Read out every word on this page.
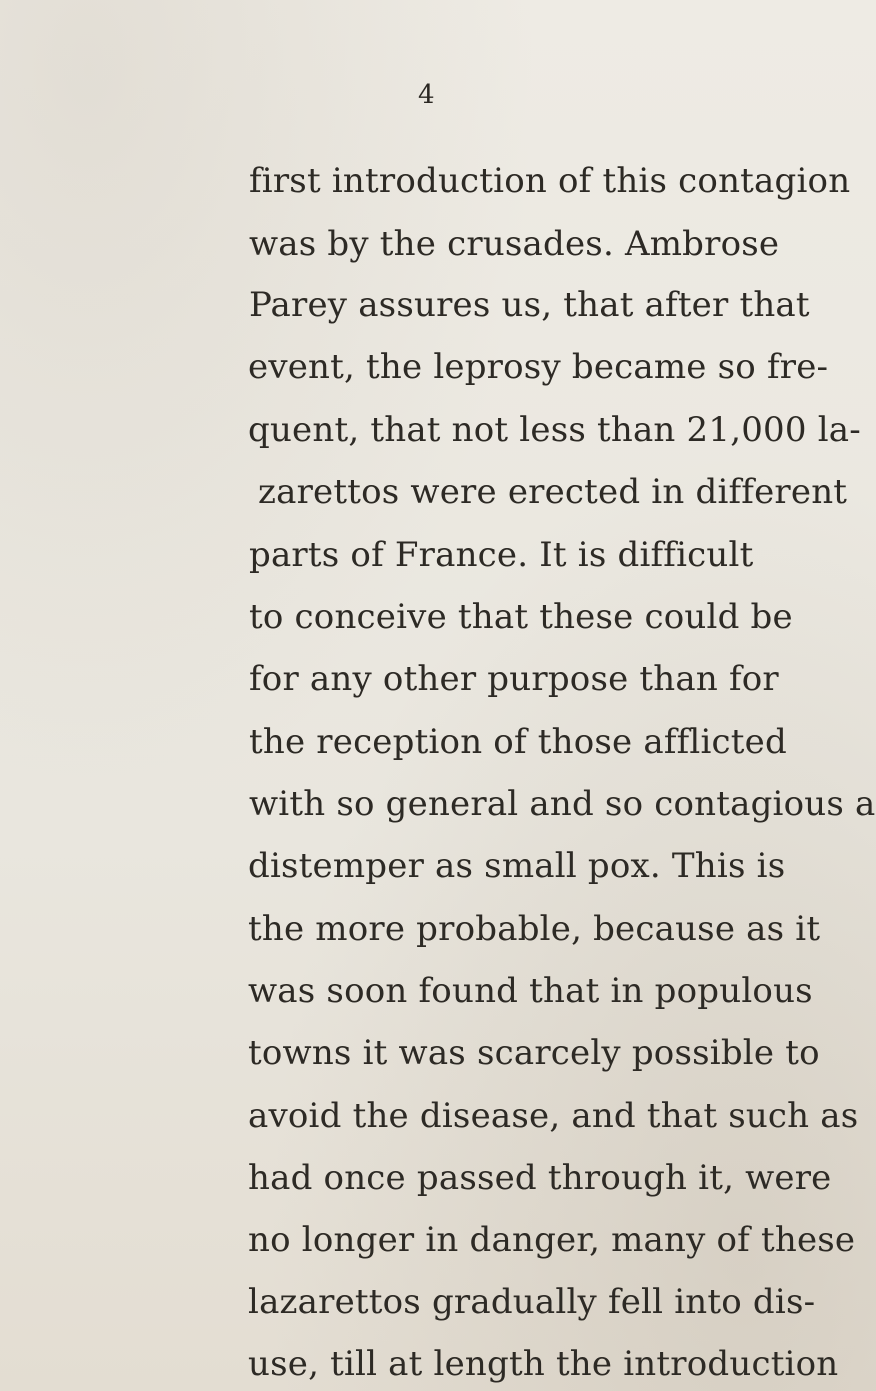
4
first introduction of this contagion
was by the crusades. Ambrose
Parey assures us, that after that
event, the leprosy became so fre-
quent, that not less than 21,000 la-
zarettos were erected in different
parts of France. It is difficult
to conceive that these could be
for any other purpose than for
the reception of those afflicted
with so general and so contagious a
distemper as small pox. This is
the more probable, because as it
was soon found that in populous
towns it was scarcely possible to
avoid the disease, and that such as
had once passed through it, were
no longer in danger, many of these
lazarettos gradually fell into dis-
use, till at length the introduction
